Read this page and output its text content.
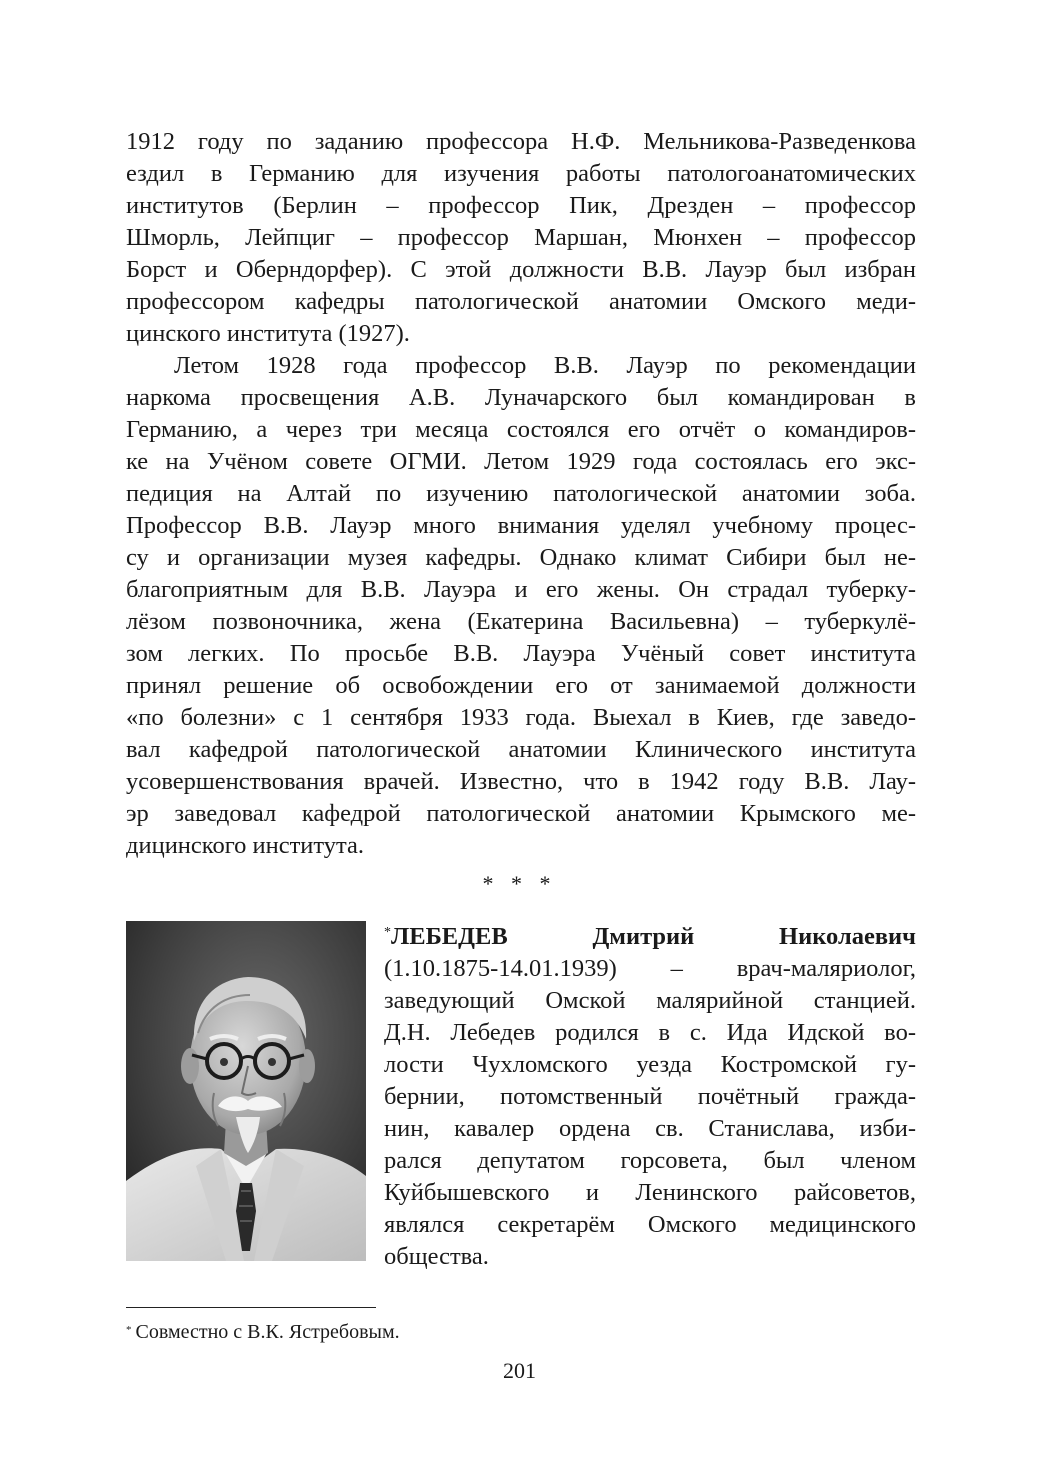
1912 году по заданию профессора Н.Ф. Мельникова-Разведенкова
ездил в Германию для изучения работы патологоанатомических
институтов (Берлин – профессор Пик, Дрезден – профессор
Шморль, Лейпциг – профессор Маршан, Мюнхен – профессор
Борст и Оберндорфер). С этой должности В.В. Лауэр был избран
профессором кафедры патологической анатомии Омского меди-
цинского института (1927).
Летом 1928 года профессор В.В. Лауэр по рекомендации
наркома просвещения А.В. Луначарского был командирован в
Германию, а через три месяца состоялся его отчёт о командиров-
ке на Учёном совете ОГМИ. Летом 1929 года состоялась его экс-
педиция на Алтай по изучению патологической анатомии зоба.
Профессор В.В. Лауэр много внимания уделял учебному процес-
су и организации музея кафедры. Однако климат Сибири был не-
благоприятным для В.В. Лауэра и его жены. Он страдал туберку-
лёзом позвоночника, жена (Екатерина Васильевна) – туберкулё-
зом легких. По просьбе В.В. Лауэра Учёный совет института
принял решение об освобождении его от занимаемой должности
«по болезни» с 1 сентября 1933 года. Выехал в Киев, где заведо-
вал кафедрой патологической анатомии Клинического института
усовершенствования врачей. Известно, что в 1942 году В.В. Лау-
эр заведовал кафедрой патологической анатомии Крымского ме-
дицинского института.
* * *
*ЛЕБЕДЕВ Дмитрий Николаевич
(1.10.1875-14.01.1939) – врач-маляриолог,
заведующий Омской малярийной станцией.
Д.Н. Лебедев родился в с. Ида Идской во-
лости Чухломского уезда Костромской гу-
бернии, потомственный почётный гражда-
нин, кавалер ордена св. Станислава, изби-
рался депутатом горсовета, был членом
Куйбышевского и Ленинского райсоветов,
являлся секретарём Омского медицинского
общества.
* Совместно с В.К. Ястребовым.
201
